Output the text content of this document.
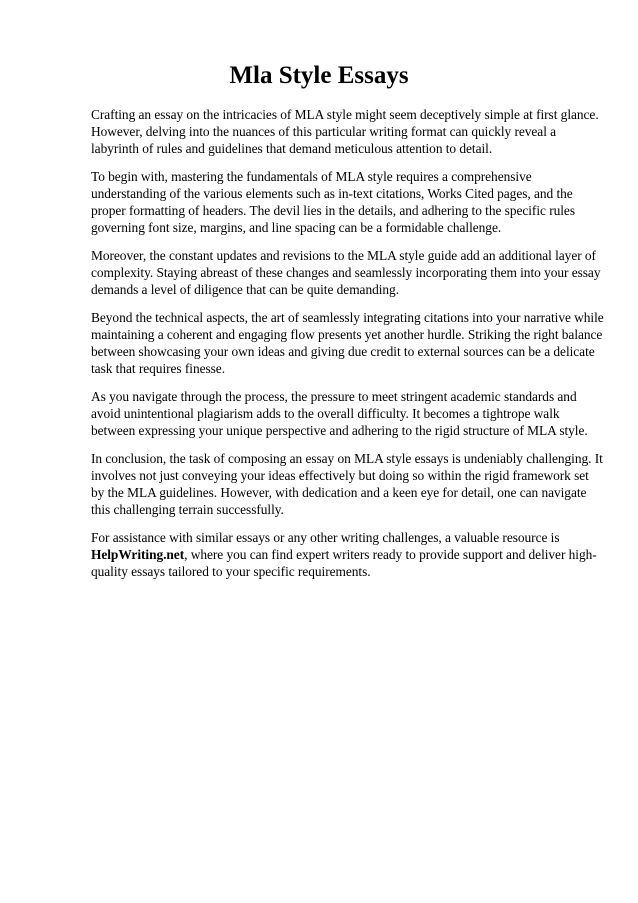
Mla Style Essays

Crafting an essay on the intricacies of MLA style might seem deceptively simple at first glance. However, delving into the nuances of this particular writing format can quickly reveal a labyrinth of rules and guidelines that demand meticulous attention to detail.

To begin with, mastering the fundamentals of MLA style requires a comprehensive understanding of the various elements such as in-text citations, Works Cited pages, and the proper formatting of headers. The devil lies in the details, and adhering to the specific rules governing font size, margins, and line spacing can be a formidable challenge.

Moreover, the constant updates and revisions to the MLA style guide add an additional layer of complexity. Staying abreast of these changes and seamlessly incorporating them into your essay demands a level of diligence that can be quite demanding.

Beyond the technical aspects, the art of seamlessly integrating citations into your narrative while maintaining a coherent and engaging flow presents yet another hurdle. Striking the right balance between showcasing your own ideas and giving due credit to external sources can be a delicate task that requires finesse.

As you navigate through the process, the pressure to meet stringent academic standards and avoid unintentional plagiarism adds to the overall difficulty. It becomes a tightrope walk between expressing your unique perspective and adhering to the rigid structure of MLA style.

In conclusion, the task of composing an essay on MLA style essays is undeniably challenging. It involves not just conveying your ideas effectively but doing so within the rigid framework set by the MLA guidelines. However, with dedication and a keen eye for detail, one can navigate this challenging terrain successfully.

For assistance with similar essays or any other writing challenges, a valuable resource is HelpWriting.net, where you can find expert writers ready to provide support and deliver high-quality essays tailored to your specific requirements.
